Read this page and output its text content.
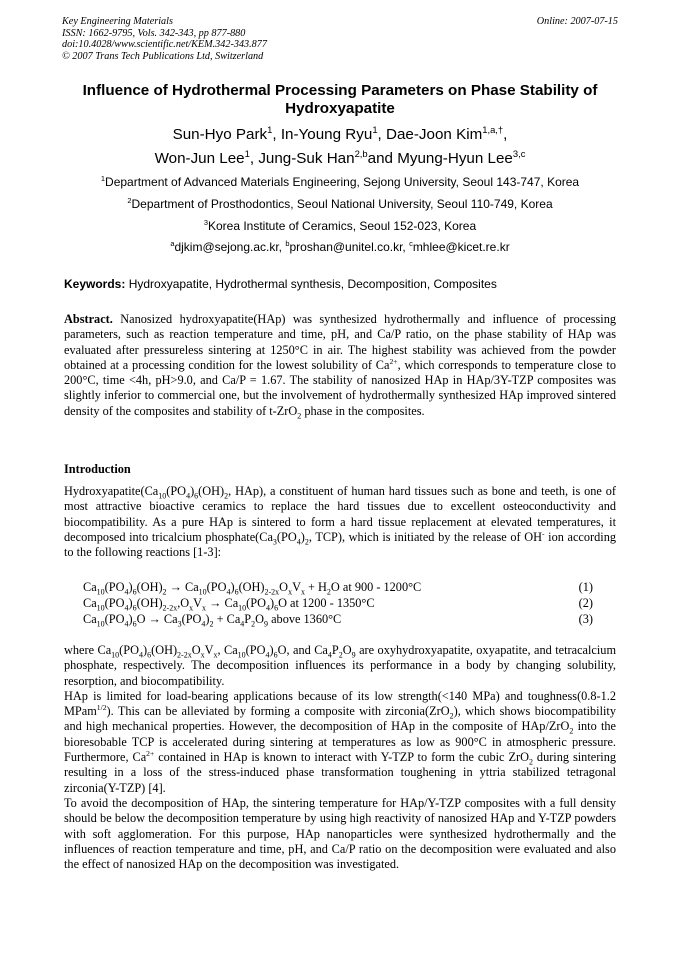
Key Engineering Materials
ISSN: 1662-9795, Vols. 342-343, pp 877-880
doi:10.4028/www.scientific.net/KEM.342-343.877
© 2007 Trans Tech Publications Ltd, Switzerland
Online: 2007-07-15
Influence of Hydrothermal Processing Parameters on Phase Stability of Hydroxyapatite
Sun-Hyo Park$^1$, In-Young Ryu$^1$, Dae-Joon Kim$^{1,a,\dagger}$,
Won-Jun Lee$^1$, Jung-Suk Han$^{2,b}$and Myung-Hyun Lee$^{3,c}$
$^1$Department of Advanced Materials Engineering, Sejong University, Seoul 143-747, Korea
$^2$Department of Prosthodontics, Seoul National University, Seoul 110-749, Korea
$^3$Korea Institute of Ceramics, Seoul 152-023, Korea
$^a$djkim@sejong.ac.kr, $^b$proshan@unitel.co.kr, $^c$mhlee@kicet.re.kr
Keywords: Hydroxyapatite, Hydrothermal synthesis, Decomposition, Composites
Abstract. Nanosized hydroxyapatite(HAp) was synthesized hydrothermally and influence of processing parameters, such as reaction temperature and time, pH, and Ca/P ratio, on the phase stability of HAp was evaluated after pressureless sintering at 1250°C in air. The highest stability was achieved from the powder obtained at a processing condition for the lowest solubility of $Ca^{2+}$, which corresponds to temperature close to 200°C, time <4h, pH>9.0, and Ca/P = 1.67. The stability of nanosized HAp in HAp/3Y-TZP composites was slightly inferior to commercial one, but the involvement of hydrothermally synthesized HAp improved sintered density of the composites and stability of t-ZrO$_2$ phase in the composites.
Introduction
$Hydroxyapatite(Ca_{10}(PO_4)_6(OH)_2$, HAp), a constituent of human hard tissues such as bone and teeth, is one of most attractive bioactive ceramics to replace the hard tissues due to excellent osteoconductivity and biocompatibility. As a pure HAp is sintered to form a hard tissue replacement at elevated temperatures, it decomposed into tricalcium $phosphate(Ca_3(PO_4)_2$, TCP), which is initiated by the release of OH- ion according to the following reactions [1-3]:
$Ca_{10}(PO_4)_6(OH)_2 \to Ca_{10}(PO_4)_6(OH)_{2-2x}O_xV_x + H_2O$ at 900 - 1200°C	(1)
$Ca_{10}(PO_4)_6(OH)_{2-2x},O_xV_x \to Ca_{10}(PO_4)_6O$ at 1200 - 1350°C	(2)
$Ca_{10}(PO_4)_6O \to Ca_3(PO_4)_2 + Ca_4P_2O_9$ above 1360°C	(3)
where $Ca_{10}(PO_4)_6(OH)_{2-2x}O_xV_x$, $Ca_{10}(PO_4)_6O$, and $Ca_4P_2O_9$ are oxyhydroxyapatite, oxyapatite, and tetracalcium phosphate, respectively. The decomposition influences its performance in a body by changing solubility, resorption, and biocompatibility.
HAp is limited for load-bearing applications because of its low strength(<140 MPa) and toughness(0.8-1.2 MPam$^{1/2}$). This can be alleviated by forming a composite with zirconia(ZrO$_2$), which shows biocompatibility and high mechanical properties. However, the decomposition of HAp in the composite of HAp/ZrO$_2$ into the bioresobable TCP is accelerated during sintering at temperatures as low as 900°C in atmospheric pressure. Furthermore, $Ca^{2+}$ contained in HAp is known to interact with Y-TZP to form the cubic ZrO$_2$ during sintering resulting in a loss of the stress-induced phase transformation toughening in yttria stabilized tetragonal zirconia(Y-TZP) [4].
To avoid the decomposition of HAp, the sintering temperature for HAp/Y-TZP composites with a full density should be below the decomposition temperature by using high reactivity of nanosized HAp and Y-TZP powders with soft agglomeration. For this purpose, HAp nanoparticles were synthesized hydrothermally and the influences of reaction temperature and time, pH, and Ca/P ratio on the decomposition were evaluated and also the effect of nanosized HAp on the decomposition was investigated.
